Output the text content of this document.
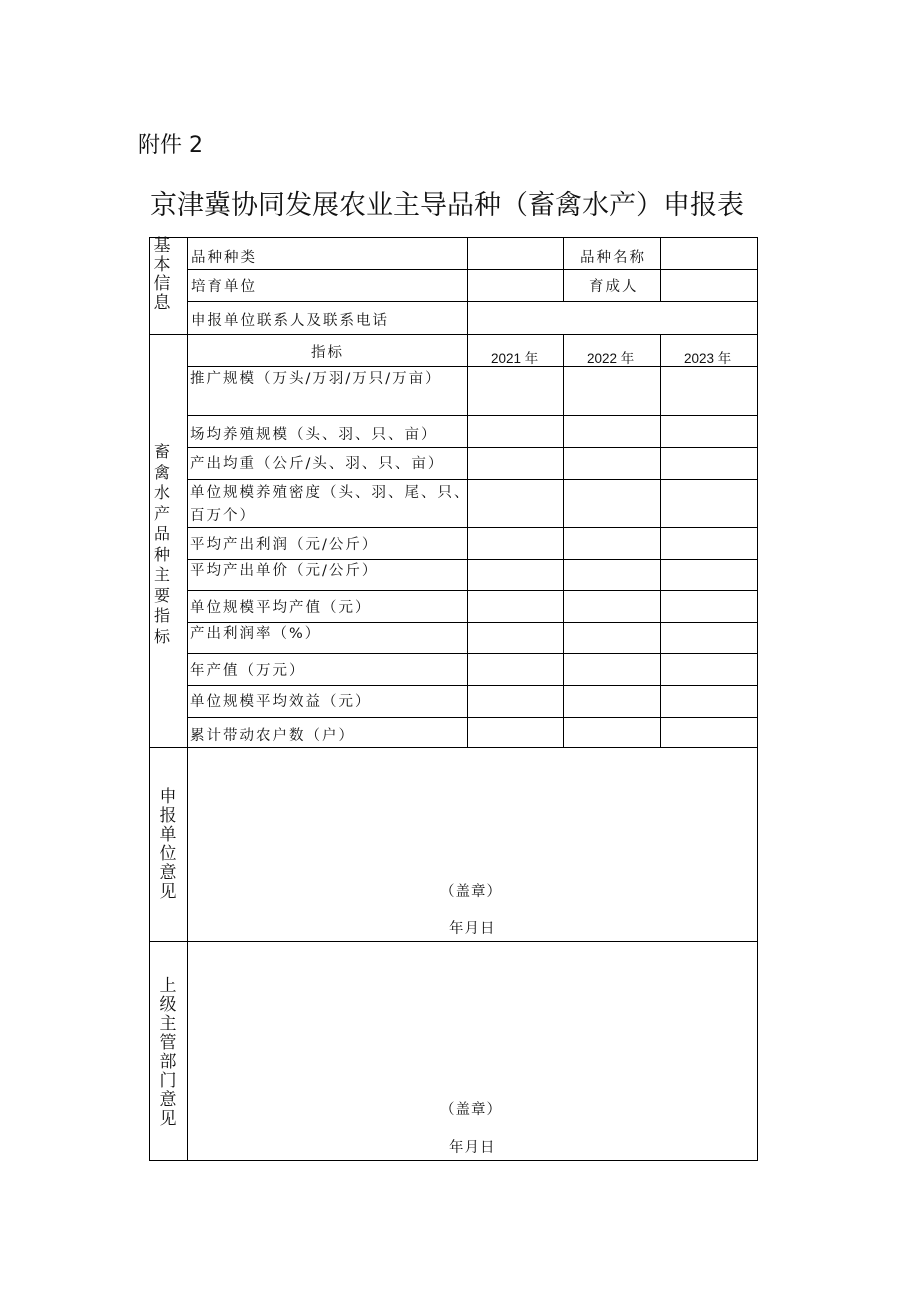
附件 2
京津冀协同发展农业主导品种（畜禽水产）申报表
基本信息
畜禽水产品种主要指标
申报单位意见
上级主管部门意见
品种种类	品种名称
培育单位	育成人
申报单位联系人及联系电话
指标	2021 年	2022 年	2023 年
推广规模（万头/万羽/万只/万亩）
场均养殖规模（头、羽、只、亩）
产出均重（公斤/头、羽、只、亩）
单位规模养殖密度（头、羽、尾、只、
百万个）
平均产出利润（元/公斤）
平均产出单价（元/公斤）
单位规模平均产值（元）
产出利润率（%）
年产值（万元）
单位规模平均效益（元）
累计带动农户数（户）
（盖章）
年月日
（盖章）
年月日
